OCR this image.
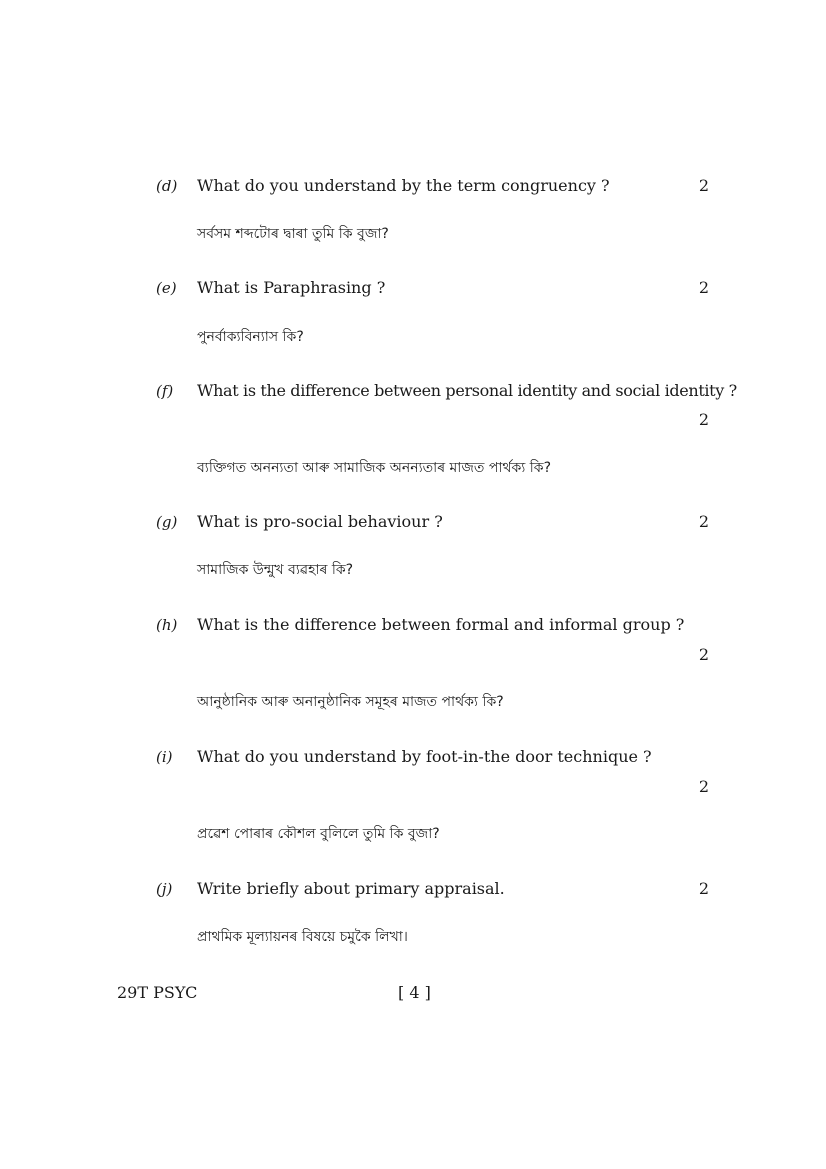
(d) What do you understand by the term congruency ?	2
সৰ্বসম শব্দটোৰ দ্বাৰা তুমি কি বুজা?
(e) What is Paraphrasing ?	2
পুনৰ্বাক্যবিন্যাস কি?
(f) What is the difference between personal identity and social identity ?
2
ব্যক্তিগত অনন্যতা আৰু সামাজিক অনন্যতাৰ মাজত পাৰ্থক্য কি?
(g) What is pro-social behaviour ?	2
সামাজিক উন্মুখ ব্যৱহাৰ কি?
(h) What is the difference between formal and informal group ?
2
আনুষ্ঠানিক আৰু অনানুষ্ঠানিক সমূহৰ মাজত পাৰ্থক্য কি?
(i) What do you understand by foot-in-the door technique ?
2
প্ৰৱেশ পোৰাৰ কৌশল বুলিলে তুমি কি বুজা?
(j) Write briefly about primary appraisal.	2
প্ৰাথমিক মূল্যায়নৰ বিষয়ে চমুকৈ লিখা।
29T PSYC	[ 4 ]
